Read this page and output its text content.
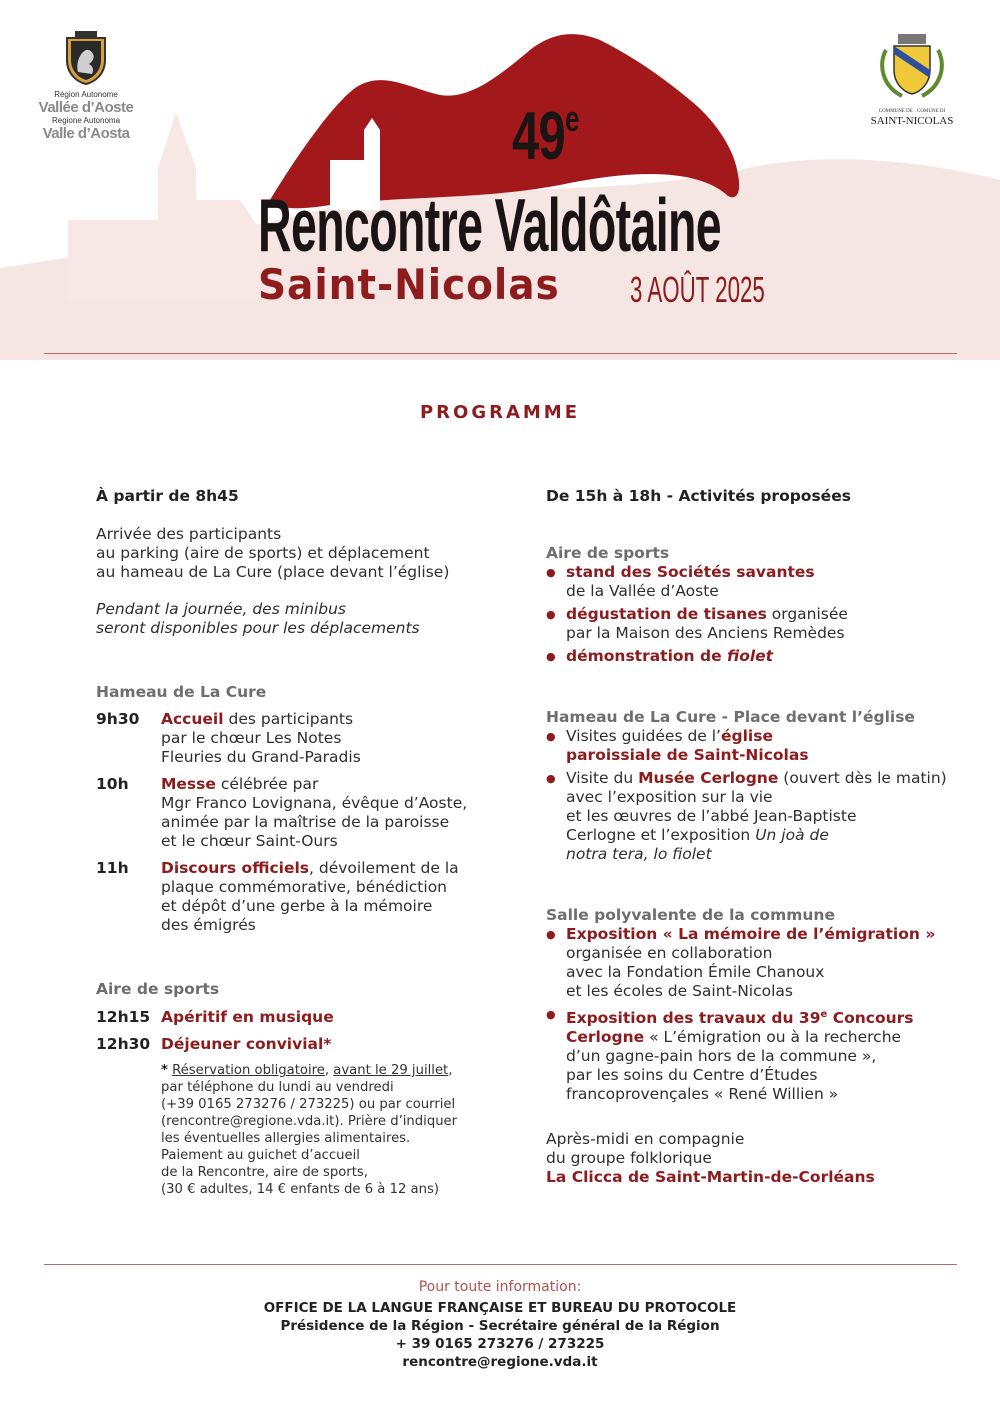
Région Autonome
Vallée d’Aoste
Regione Autonoma
Valle d’Aosta
COMMUNE DE · COMUNE DI
SAINT-NICOLAS
49e
Rencontre Valdôtaine
Saint-Nicolas 3 AOÛT 2025
PROGRAMME
À partir de 8h45
Arrivée des participants
au parking (aire de sports) et déplacement
au hameau de La Cure (place devant l’église)
Pendant la journée, des minibus
seront disponibles pour les déplacements
Hameau de La Cure
9h30	Accueil des participants
par le chœur Les Notes
Fleuries du Grand-Paradis
10h	Messe célébrée par
Mgr Franco Lovignana, évêque d’Aoste,
animée par la maîtrise de la paroisse
et le chœur Saint-Ours
11h	Discours officiels, dévoilement de la
plaque commémorative, bénédiction
et dépôt d’une gerbe à la mémoire
des émigrés
Aire de sports
12h15 Apéritif en musique
12h30 Déjeuner convivial*
* Réservation obligatoire, avant le 29 juillet,
par téléphone du lundi au vendredi
(+39 0165 273276 / 273225) ou par courriel
(rencontre@regione.vda.it). Prière d’indiquer
les éventuelles allergies alimentaires.
Paiement au guichet d’accueil
de la Rencontre, aire de sports,
(30 € adultes, 14 € enfants de 6 à 12 ans)
De 15h à 18h - Activités proposées
Aire de sports
● stand des Sociétés savantes
de la Vallée d’Aoste
● dégustation de tisanes organisée
par la Maison des Anciens Remèdes
● démonstration de fiolet
Hameau de La Cure - Place devant l’église
● Visites guidées de l’église
paroissiale de Saint-Nicolas
● Visite du Musée Cerlogne (ouvert dès le matin)
avec l’exposition sur la vie
et les œuvres de l’abbé Jean-Baptiste
Cerlogne et l’exposition Un joà de
notra tera, lo fiolet
Salle polyvalente de la commune
● Exposition « La mémoire de l’émigration »
organisée en collaboration
avec la Fondation Émile Chanoux
et les écoles de Saint-Nicolas
● Exposition des travaux du 39e Concours
Cerlogne « L’émigration ou à la recherche
d’un gagne-pain hors de la commune »,
par les soins du Centre d’Études
francoprovençales « René Willien »
Après-midi en compagnie
du groupe folklorique
La Clicca de Saint-Martin-de-Corléans
Pour toute information:
OFFICE DE LA LANGUE FRANÇAISE ET BUREAU DU PROTOCOLE
Présidence de la Région - Secrétaire général de la Région
+ 39 0165 273276 / 273225
rencontre@regione.vda.it
